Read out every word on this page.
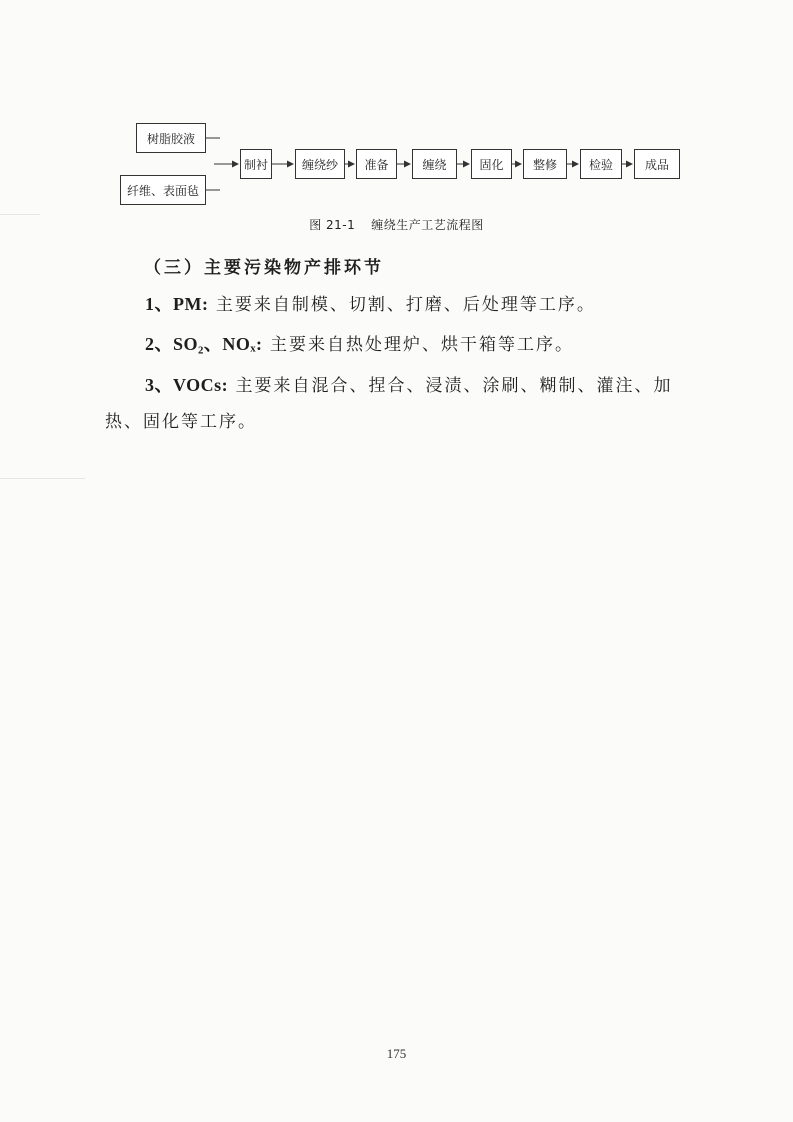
树脂胶液
纤维、表面毡
制衬	缠绕纱	准备	缠绕	固化	整修	检验	成品
图 21-1 缠绕生产工艺流程图
（三）主要污染物产排环节
1、PM: 主要来自制模、切割、打磨、后处理等工序。
2、SO₂、NOₓ: 主要来自热处理炉、烘干箱等工序。
3、VOCs: 主要来自混合、捏合、浸渍、涂刷、糊制、灌注、加热、固化等工序。
175
